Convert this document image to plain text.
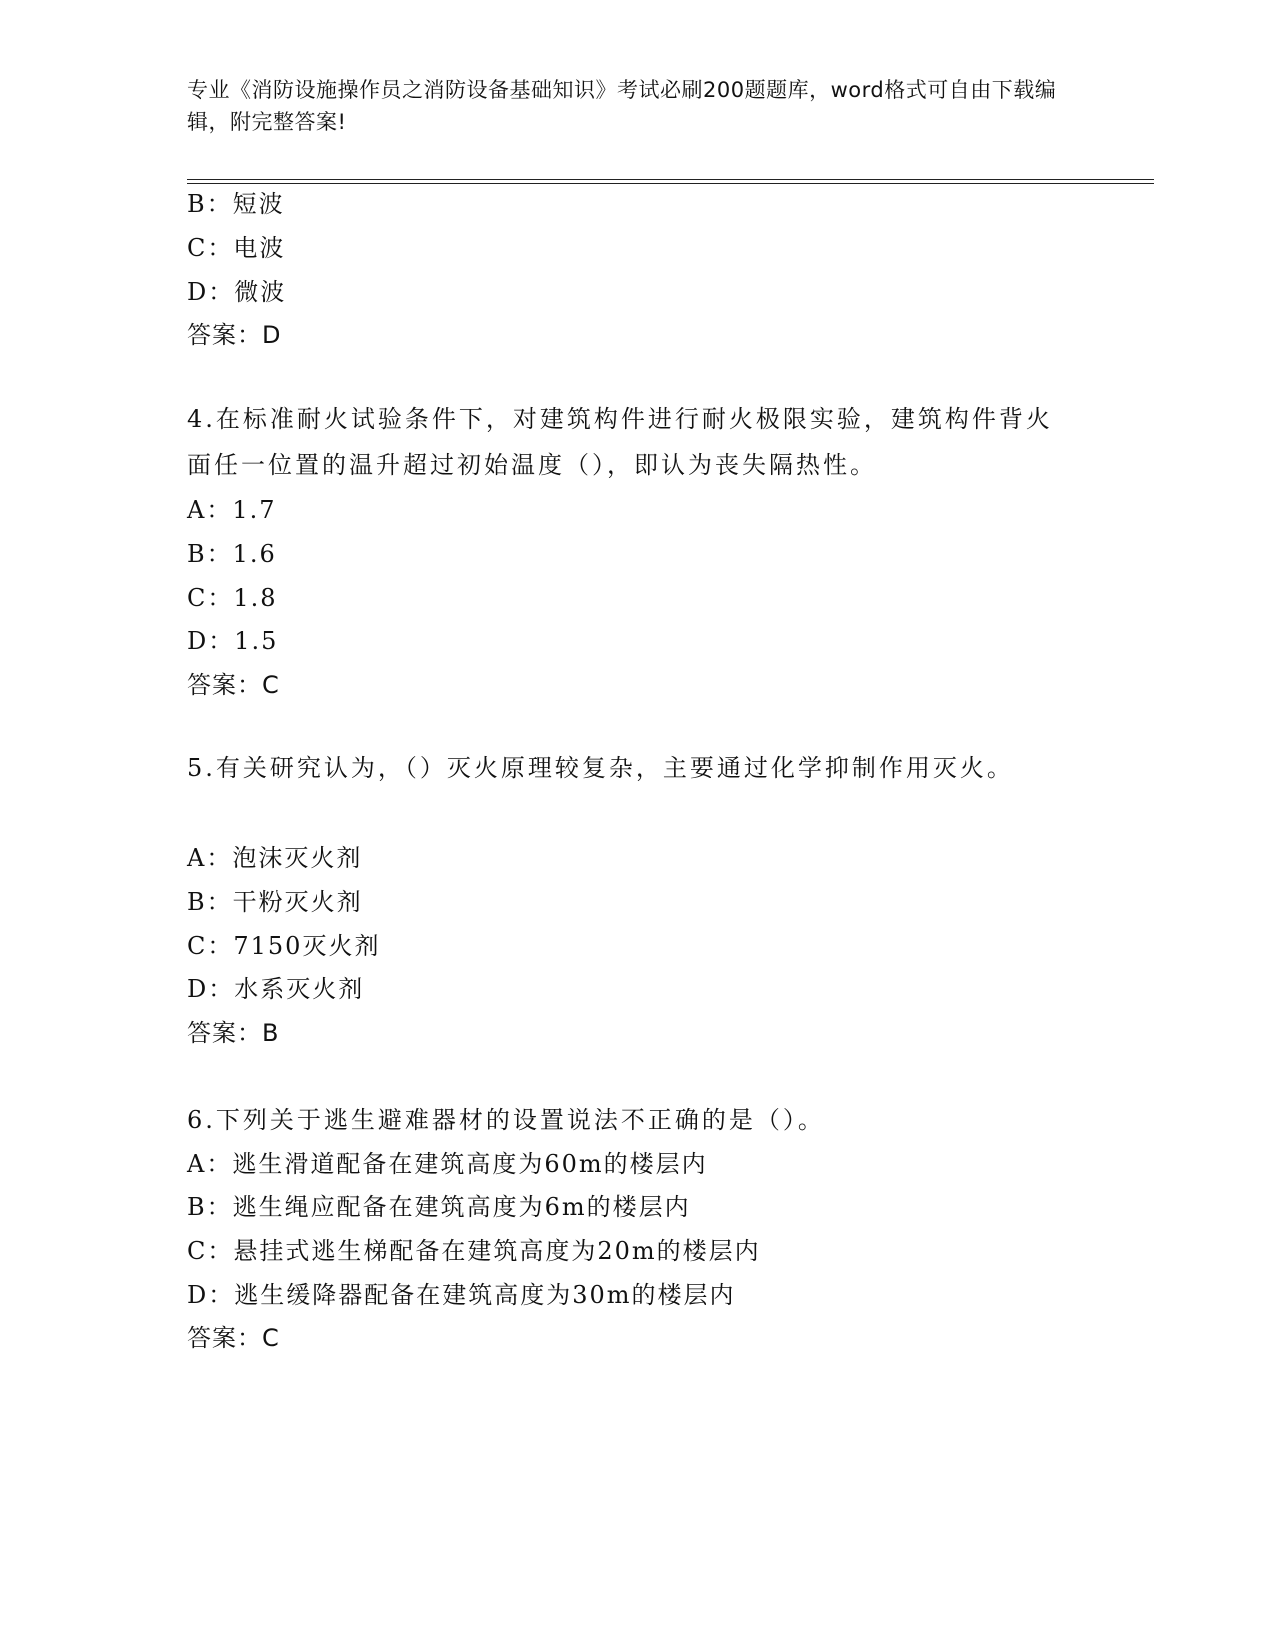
专业《消防设施操作员之消防设备基础知识》考试必刷200题题库，word格式可自由下载编辑，附完整答案!
B：短波
C：电波
D：微波
答案：D
4.在标准耐火试验条件下，对建筑构件进行耐火极限实验，建筑构件背火面任一位置的温升超过初始温度（），即认为丧失隔热性。
A：1.7
B：1.6
C：1.8
D：1.5
答案：C
5.有关研究认为，（）灭火原理较复杂，主要通过化学抑制作用灭火。
A：泡沫灭火剂
B：干粉灭火剂
C：7150灭火剂
D：水系灭火剂
答案：B
6.下列关于逃生避难器材的设置说法不正确的是（）。
A：逃生滑道配备在建筑高度为60m的楼层内
B：逃生绳应配备在建筑高度为6m的楼层内
C：悬挂式逃生梯配备在建筑高度为20m的楼层内
D：逃生缓降器配备在建筑高度为30m的楼层内
答案：C
